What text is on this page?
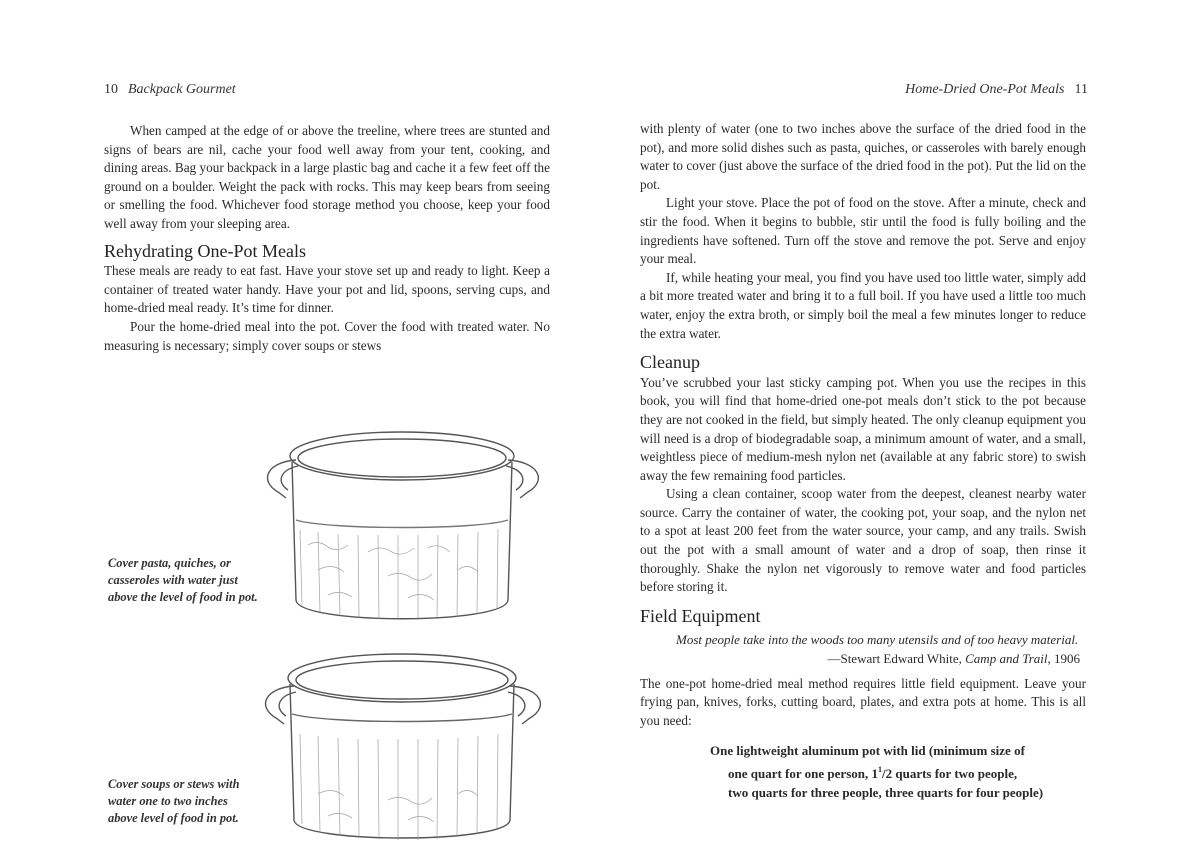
10 Backpack Gourmet

When camped at the edge of or above the treeline, where trees are stunted and signs of bears are nil, cache your food well away from your tent, cooking, and dining areas. Bag your backpack in a large plastic bag and cache it a few feet off the ground on a boulder. Weight the pack with rocks. This may keep bears from seeing or smelling the food. Whichever food storage method you choose, keep your food well away from your sleeping area.

Rehydrating One-Pot Meals

These meals are ready to eat fast. Have your stove set up and ready to light. Keep a container of treated water handy. Have your pot and lid, spoons, serving cups, and home-dried meal ready. It’s time for dinner.

Pour the home-dried meal into the pot. Cover the food with treated water. No measuring is necessary; simply cover soups or stews

Cover pasta, quiches, or casseroles with water just above the level of food in pot.
Cover soups or stews with water one to two inches above level of food in pot.
Home-Dried One-Pot Meals 11

with plenty of water (one to two inches above the surface of the dried food in the pot), and more solid dishes such as pasta, quiches, or casseroles with barely enough water to cover (just above the surface of the dried food in the pot). Put the lid on the pot.

Light your stove. Place the pot of food on the stove. After a minute, check and stir the food. When it begins to bubble, stir until the food is fully boiling and the ingredients have softened. Turn off the stove and remove the pot. Serve and enjoy your meal.

If, while heating your meal, you find you have used too little water, simply add a bit more treated water and bring it to a full boil. If you have used a little too much water, enjoy the extra broth, or simply boil the meal a few minutes longer to reduce the extra water.

Cleanup

You’ve scrubbed your last sticky camping pot. When you use the recipes in this book, you will find that home-dried one-pot meals don’t stick to the pot because they are not cooked in the field, but simply heated. The only cleanup equipment you will need is a drop of biodegradable soap, a minimum amount of water, and a small, weightless piece of medium-mesh nylon net (available at any fabric store) to swish away the few remaining food particles.

Using a clean container, scoop water from the deepest, cleanest nearby water source. Carry the container of water, the cooking pot, your soap, and the nylon net to a spot at least 200 feet from the water source, your camp, and any trails. Swish out the pot with a small amount of water and a drop of soap, then rinse it thoroughly. Shake the nylon net vigorously to remove water and food particles before storing it.

Field Equipment
Most people take into the woods too many utensils and of too heavy material.
—Stewart Edward White, Camp and Trail, 1906

The one-pot home-dried meal method requires little field equipment. Leave your frying pan, knives, forks, cutting board, plates, and extra pots at home. This is all you need:

One lightweight aluminum pot with lid (minimum size of
one quart for one person, $1^1/2$ quarts for two people,
two quarts for three people, three quarts for four people)
